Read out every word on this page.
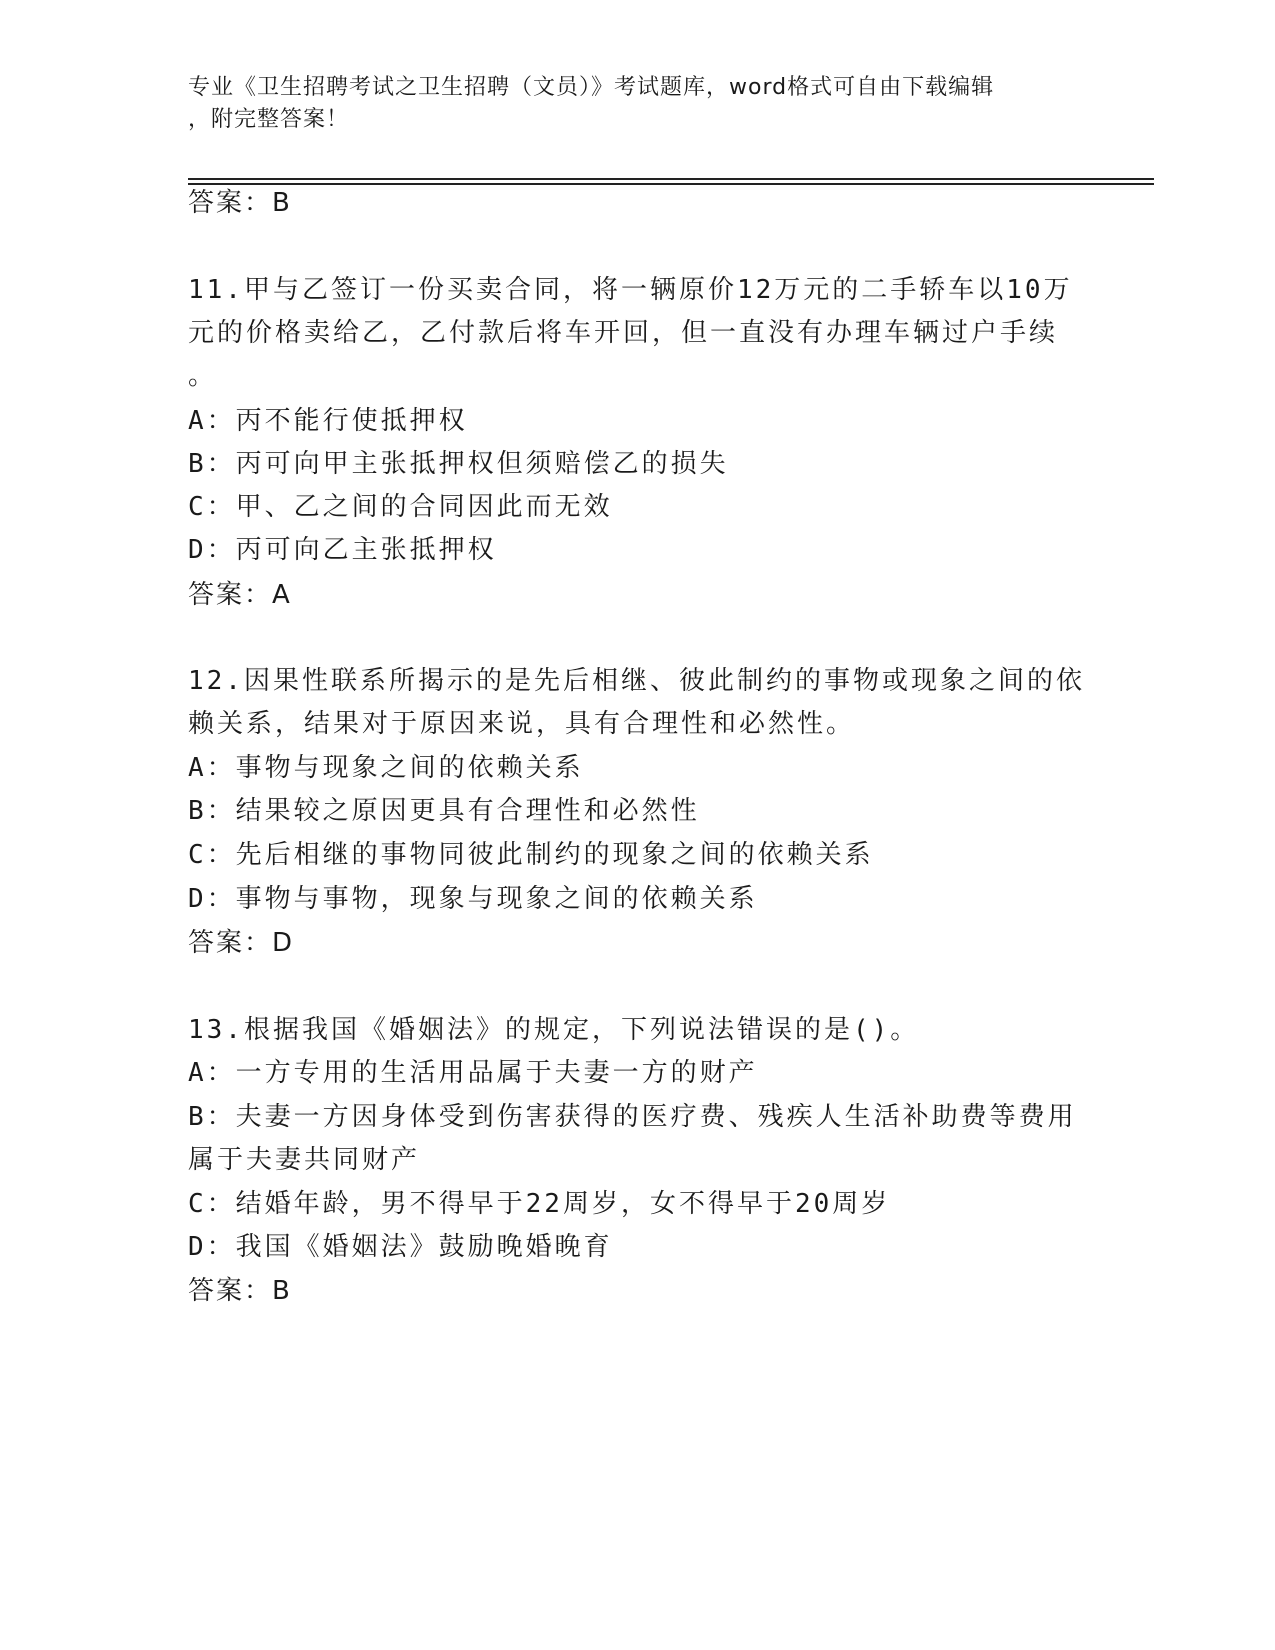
专业《卫生招聘考试之卫生招聘（文员）》考试题库，word格式可自由下载编辑
，附完整答案！
答案：B
11.甲与乙签订一份买卖合同，将一辆原价12万元的二手轿车以10万
元的价格卖给乙，乙付款后将车开回，但一直没有办理车辆过户手续
。
A：丙不能行使抵押权
B：丙可向甲主张抵押权但须赔偿乙的损失
C：甲、乙之间的合同因此而无效
D：丙可向乙主张抵押权
答案：A
12.因果性联系所揭示的是先后相继、彼此制约的事物或现象之间的依
赖关系，结果对于原因来说，具有合理性和必然性。
A：事物与现象之间的依赖关系
B：结果较之原因更具有合理性和必然性
C：先后相继的事物同彼此制约的现象之间的依赖关系
D：事物与事物，现象与现象之间的依赖关系
答案：D
13.根据我国《婚姻法》的规定，下列说法错误的是()。
A：一方专用的生活用品属于夫妻一方的财产
B：夫妻一方因身体受到伤害获得的医疗费、残疾人生活补助费等费用
属于夫妻共同财产
C：结婚年龄，男不得早于22周岁，女不得早于20周岁
D：我国《婚姻法》鼓励晚婚晚育
答案：B
